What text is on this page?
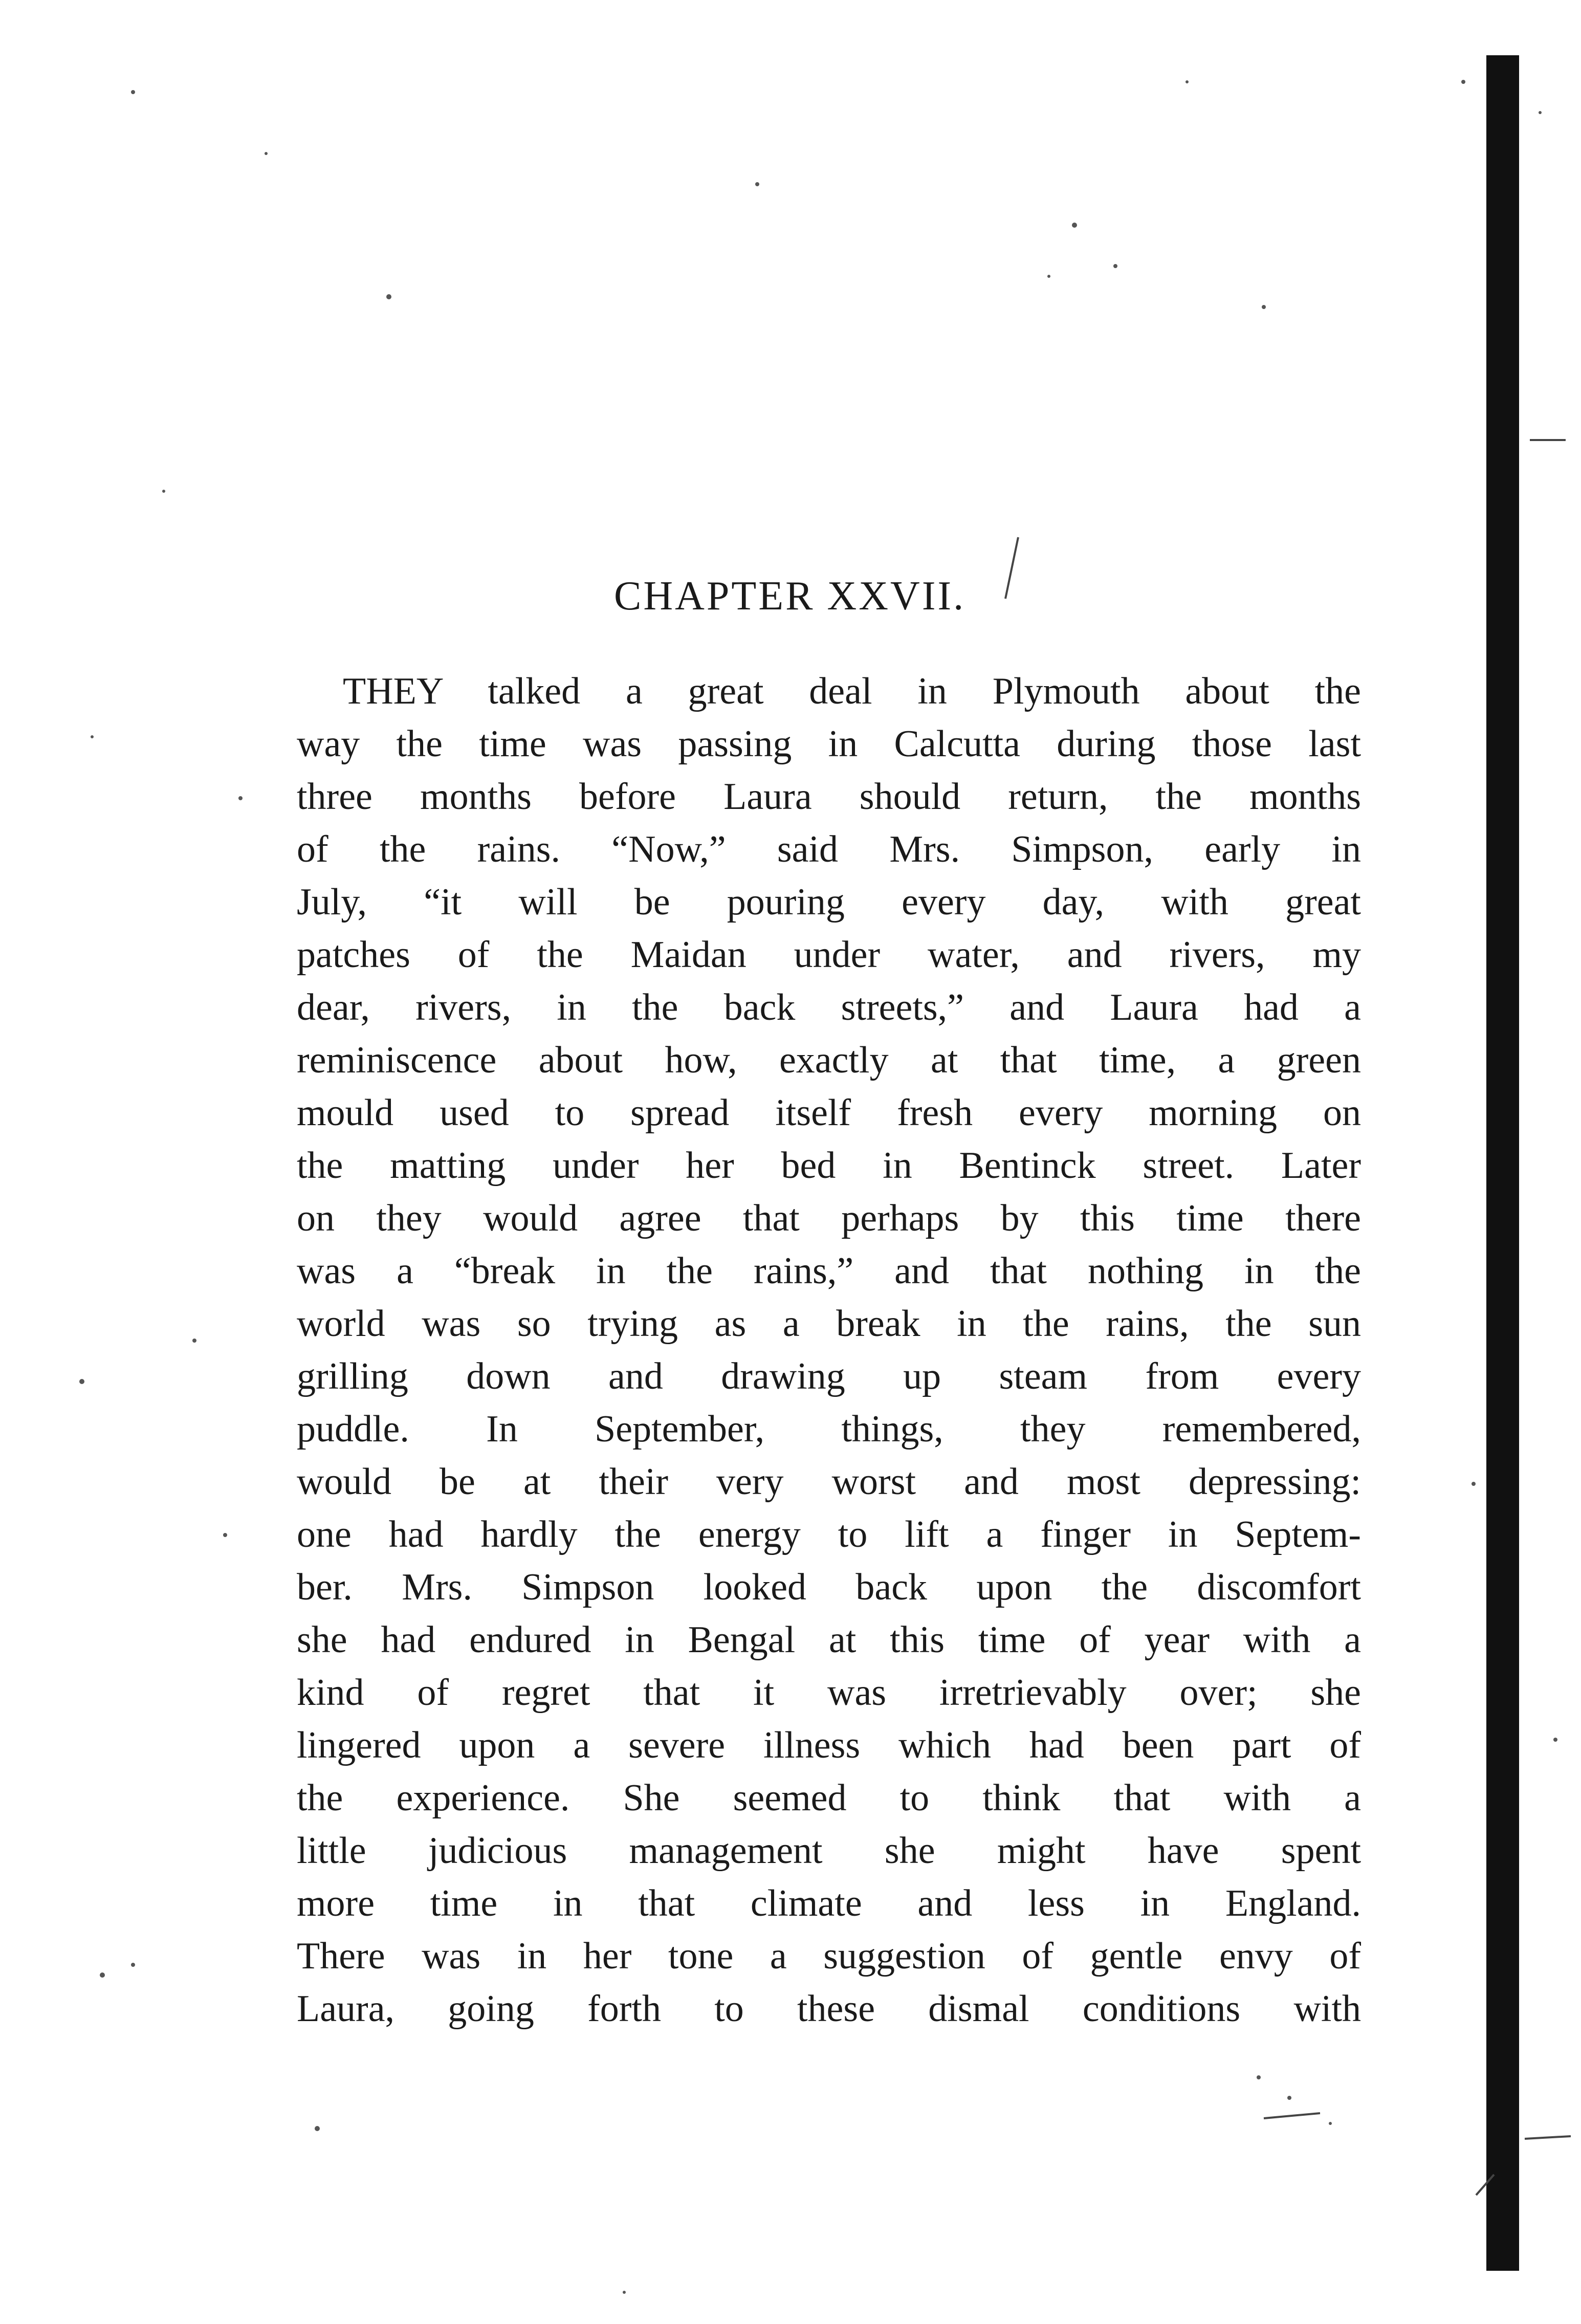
CHAPTER XXVII.
THEY talked a great deal in Plymouth about the
way the time was passing in Calcutta during those last
three months before Laura should return, the months
of the rains. “Now,” said Mrs. Simpson, early in
July, “it will be pouring every day, with great
patches of the Maidan under water, and rivers, my
dear, rivers, in the back streets,” and Laura had a
reminiscence about how, exactly at that time, a green
mould used to spread itself fresh every morning on
the matting under her bed in Bentinck street. Later
on they would agree that perhaps by this time there
was a “break in the rains,” and that nothing in the
world was so trying as a break in the rains, the sun
grilling down and drawing up steam from every
puddle. In September, things, they remembered,
would be at their very worst and most depressing:
one had hardly the energy to lift a finger in Septem-
ber. Mrs. Simpson looked back upon the discomfort
she had endured in Bengal at this time of year with a
kind of regret that it was irretrievably over; she
lingered upon a severe illness which had been part of
the experience. She seemed to think that with a
little judicious management she might have spent
more time in that climate and less in England.
There was in her tone a suggestion of gentle envy of
Laura, going forth to these dismal conditions with
